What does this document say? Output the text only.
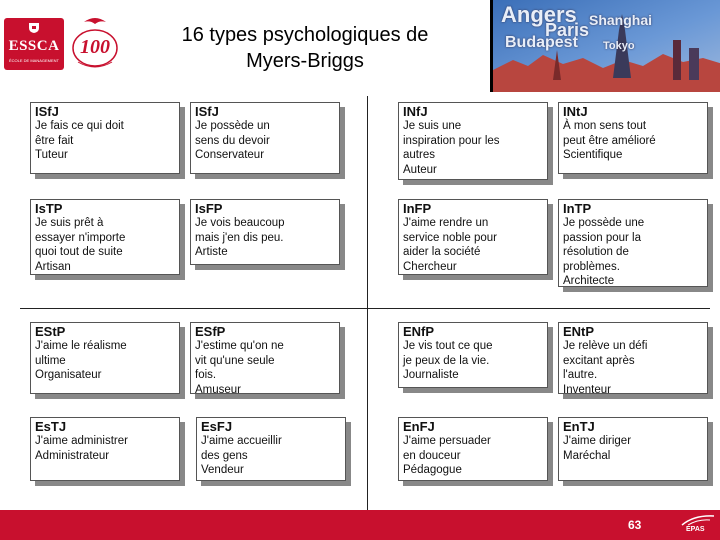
ESSCA
ÉCOLE DE MANAGEMENT
100
16 types psychologiques de
Myers-Briggs
Angers Shanghai
Paris
Budapest Tokyo
ISfJ
Je fais ce qui doit
être fait
Tuteur
ISfJ
Je possède un
sens du devoir
Conservateur
INfJ
Je suis une
inspiration pour les
autres
Auteur
INtJ
À mon sens tout
peut être amélioré
Scientifique
IsTP
Je suis prêt à
essayer n'importe
quoi tout de suite
Artisan
IsFP
Je vois beaucoup
mais j'en dis peu.
Artiste
InFP
J'aime rendre un
service noble pour
aider la société
Chercheur
InTP
Je possède une
passion pour la
résolution de
problèmes.
Architecte
EStP
J'aime le réalisme
ultime
Organisateur
ESfP
J'estime qu'on ne
vit qu'une seule
fois.
Amuseur
ENfP
Je vis tout ce que
je peux de la vie.
Journaliste
ENtP
Je relève un défi
excitant après
l'autre.
Inventeur
EsTJ
J'aime administrer
Administrateur
EsFJ
J'aime accueillir
des gens
Vendeur
EnFJ
J'aime persuader
en douceur
Pédagogue
EnTJ
J'aime diriger
Maréchal
63	EPAS
